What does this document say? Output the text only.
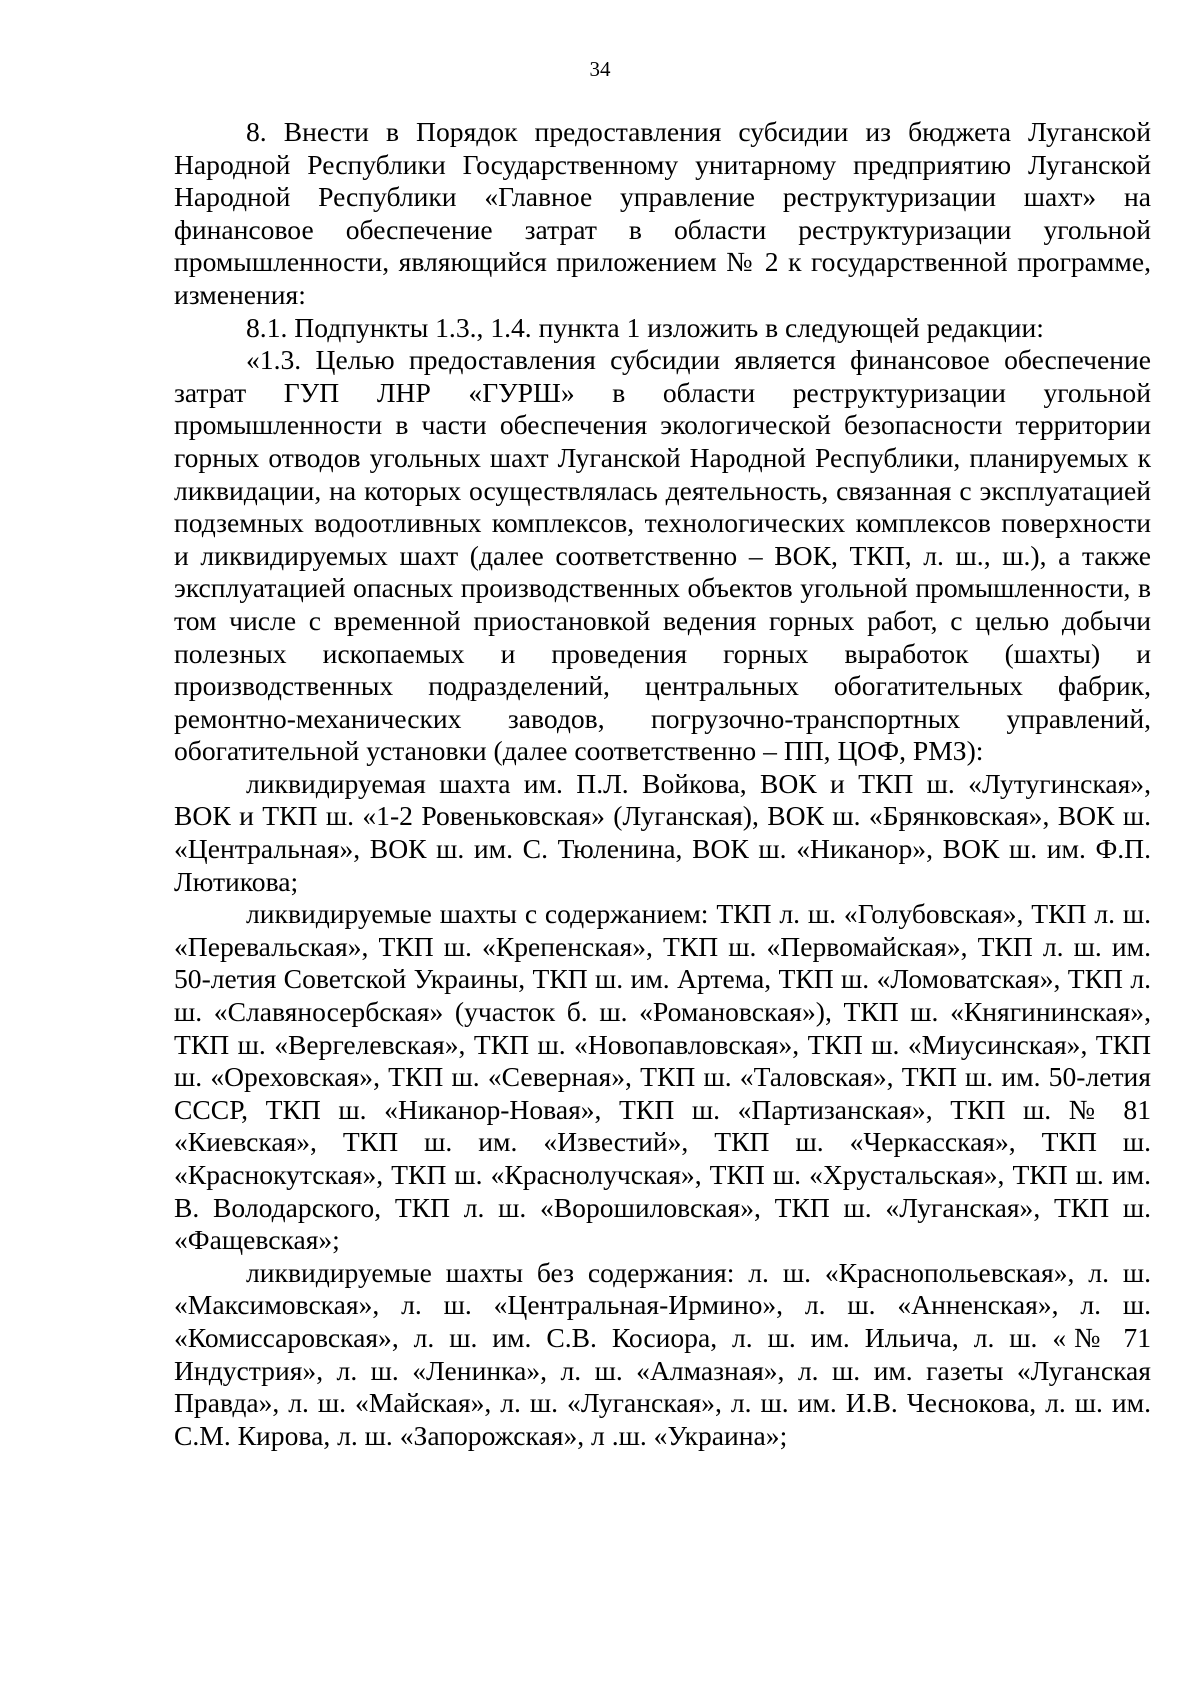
34

8. Внести в Порядок предоставления субсидии из бюджета Луганской Народной Республики Государственному унитарному предприятию Луганской Народной Республики «Главное управление реструктуризации шахт» на финансовое обеспечение затрат в области реструктуризации угольной промышленности, являющийся приложением № 2 к государственной программе, изменения:

8.1. Подпункты 1.3., 1.4. пункта 1 изложить в следующей редакции:

«1.3. Целью предоставления субсидии является финансовое обеспечение затрат ГУП ЛНР «ГУРШ» в области реструктуризации угольной промышленности в части обеспечения экологической безопасности территории горных отводов угольных шахт Луганской Народной Республики, планируемых к ликвидации, на которых осуществлялась деятельность, связанная с эксплуатацией подземных водоотливных комплексов, технологических комплексов поверхности и ликвидируемых шахт (далее соответственно – ВОК, ТКП, л. ш., ш.), а также эксплуатацией опасных производственных объектов угольной промышленности, в том числе с временной приостановкой ведения горных работ, с целью добычи полезных ископаемых и проведения горных выработок (шахты) и производственных подразделений, центральных обогатительных фабрик, ремонтно-механических заводов, погрузочно-транспортных управлений, обогатительной установки (далее соответственно – ПП, ЦОФ, РМЗ):

ликвидируемая шахта им. П.Л. Войкова, ВОК и ТКП ш. «Лутугинская», ВОК и ТКП ш. «1-2 Ровеньковская» (Луганская), ВОК ш. «Брянковская», ВОК ш. «Центральная», ВОК ш. им. С. Тюленина, ВОК ш. «Никанор», ВОК ш. им. Ф.П. Лютикова;

ликвидируемые шахты с содержанием: ТКП л. ш. «Голубовская», ТКП л. ш. «Перевальская», ТКП ш. «Крепенская», ТКП ш. «Первомайская», ТКП л. ш. им. 50-летия Советской Украины, ТКП ш. им. Артема, ТКП ш. «Ломоватская», ТКП л. ш. «Славяносербская» (участок б. ш. «Романовская»), ТКП ш. «Княгининская», ТКП ш. «Вергелевская», ТКП ш. «Новопавловская», ТКП ш. «Миусинская», ТКП ш. «Ореховская», ТКП ш. «Северная», ТКП ш. «Таловская», ТКП ш. им. 50-летия СССР, ТКП ш. «Никанор-Новая», ТКП ш. «Партизанская», ТКП ш. № 81 «Киевская», ТКП ш. им. «Известий», ТКП ш. «Черкасская», ТКП ш. «Краснокутская», ТКП ш. «Краснолучская», ТКП ш. «Хрустальская», ТКП ш. им. В. Володарского, ТКП л. ш. «Ворошиловская», ТКП ш. «Луганская», ТКП ш. «Фащевская»;

ликвидируемые шахты без содержания: л. ш. «Краснопольевская», л. ш. «Максимовская», л. ш. «Центральная-Ирмино», л. ш. «Анненская», л. ш. «Комиссаровская», л. ш. им. С.В. Косиора, л. ш. им. Ильича, л. ш. «№ 71 Индустрия», л. ш. «Ленинка», л. ш. «Алмазная», л. ш. им. газеты «Луганская Правда», л. ш. «Майская», л. ш. «Луганская», л. ш. им. И.В. Чеснокова, л. ш. им. С.М. Кирова, л. ш. «Запорожская», л .ш. «Украина»;
